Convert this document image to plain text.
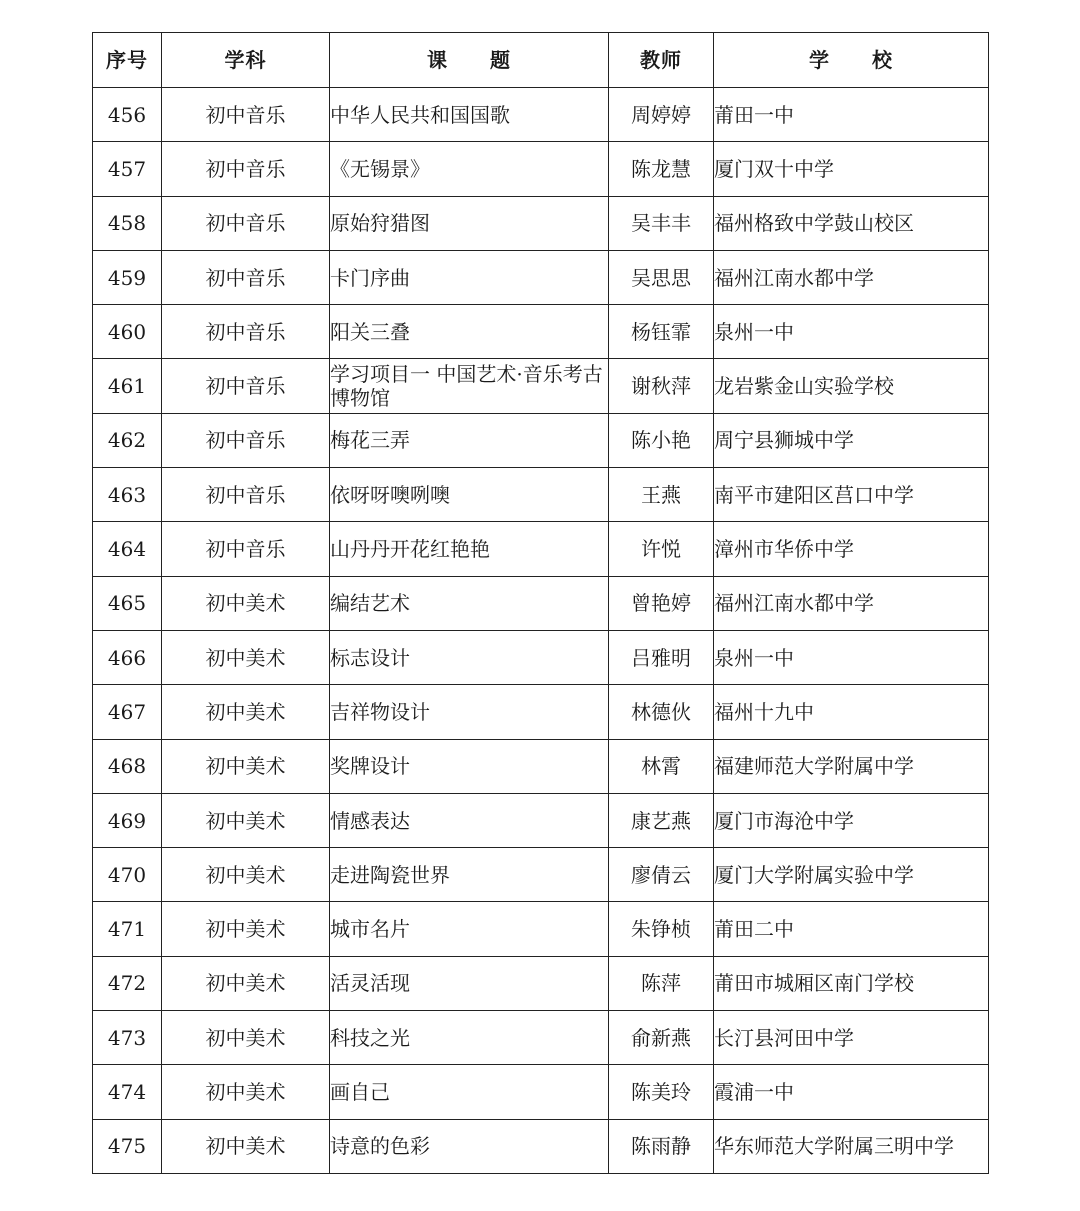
序号	学科	课　　题	教师	学　　校
456	初中音乐	中华人民共和国国歌	周婷婷	莆田一中
457	初中音乐	《无锡景》	陈龙慧	厦门双十中学
458	初中音乐	原始狩猎图	吴丰丰	福州格致中学鼓山校区
459	初中音乐	卡门序曲	吴思思	福州江南水都中学
460	初中音乐	阳关三叠	杨钰霏	泉州一中
461	初中音乐	学习项目一 中国艺术·音乐考古博物馆	谢秋萍	龙岩紫金山实验学校
462	初中音乐	梅花三弄	陈小艳	周宁县狮城中学
463	初中音乐	依呀呀噢咧噢	王燕	南平市建阳区莒口中学
464	初中音乐	山丹丹开花红艳艳	许悦	漳州市华侨中学
465	初中美术	编结艺术	曾艳婷	福州江南水都中学
466	初中美术	标志设计	吕雅明	泉州一中
467	初中美术	吉祥物设计	林德伙	福州十九中
468	初中美术	奖牌设计	林霄	福建师范大学附属中学
469	初中美术	情感表达	康艺燕	厦门市海沧中学
470	初中美术	走进陶瓷世界	廖倩云	厦门大学附属实验中学
471	初中美术	城市名片	朱铮桢	莆田二中
472	初中美术	活灵活现	陈萍	莆田市城厢区南门学校
473	初中美术	科技之光	俞新燕	长汀县河田中学
474	初中美术	画自己	陈美玲	霞浦一中
475	初中美术	诗意的色彩	陈雨静	华东师范大学附属三明中学
